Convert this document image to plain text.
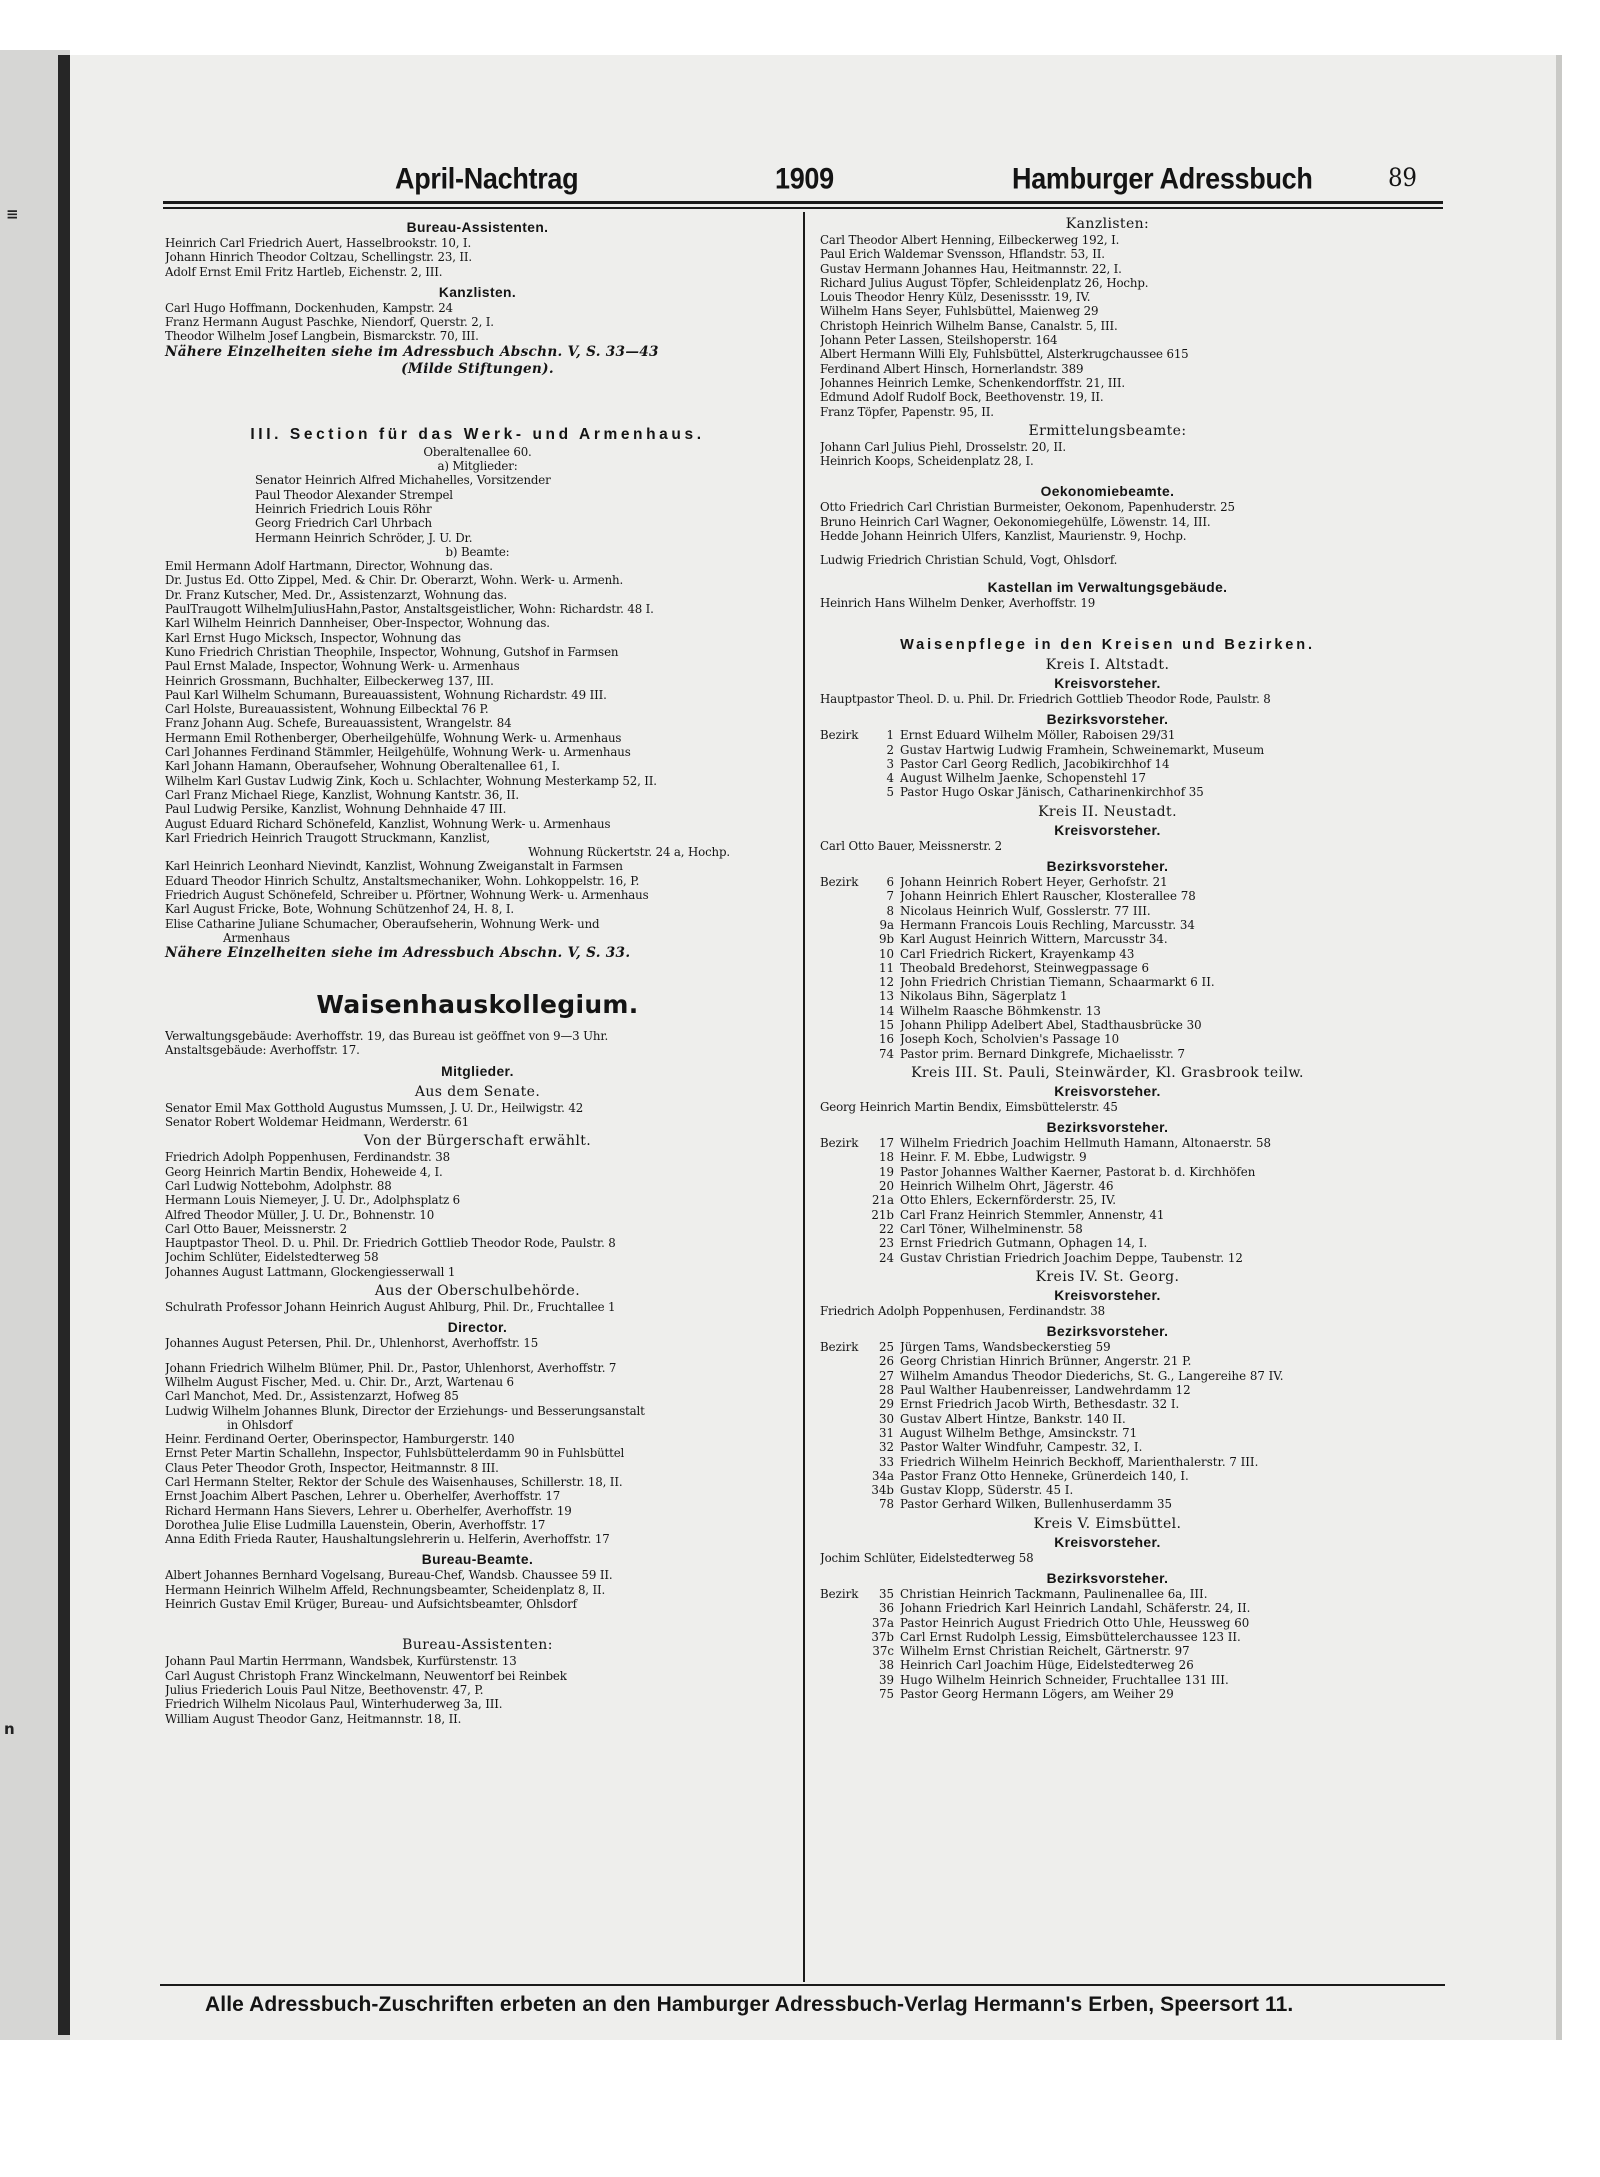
≡
n
April-Nachtrag	1909	Hamburger Adressbuch	89
Bureau-Assistenten.
Heinrich Carl Friedrich Auert, Hasselbrookstr. 10, I.
Johann Hinrich Theodor Coltzau, Schellingstr. 23, II.
Adolf Ernst Emil Fritz Hartleb, Eichenstr. 2, III.
Kanzlisten.
Carl Hugo Hoffmann, Dockenhuden, Kampstr. 24
Franz Hermann August Paschke, Niendorf, Querstr. 2, I.
Theodor Wilhelm Josef Langbein, Bismarckstr. 70, III.
Nähere Einzelheiten siehe im Adressbuch Abschn. V, S. 33—43
(Milde Stiftungen).
III. Section für das Werk- und Armenhaus.
Oberaltenallee 60.
a) Mitglieder:
Senator Heinrich Alfred Michahelles, Vorsitzender
Paul Theodor Alexander Strempel
Heinrich Friedrich Louis Röhr
Georg Friedrich Carl Uhrbach
Hermann Heinrich Schröder, J. U. Dr.
b) Beamte:
Emil Hermann Adolf Hartmann, Director, Wohnung das.
Dr. Justus Ed. Otto Zippel, Med. & Chir. Dr. Oberarzt, Wohn. Werk- u. Armenh.
Dr. Franz Kutscher, Med. Dr., Assistenzarzt, Wohnung das.
PaulTraugott WilhelmJuliusHahn,Pastor, Anstaltsgeistlicher, Wohn: Richardstr. 48 I.
Karl Wilhelm Heinrich Dannheiser, Ober-Inspector, Wohnung das.
Karl Ernst Hugo Micksch, Inspector, Wohnung das
Kuno Friedrich Christian Theophile, Inspector, Wohnung, Gutshof in Farmsen
Paul Ernst Malade, Inspector, Wohnung Werk- u. Armenhaus
Heinrich Grossmann, Buchhalter, Eilbeckerweg 137, III.
Paul Karl Wilhelm Schumann, Bureauassistent, Wohnung Richardstr. 49 III.
Carl Holste, Bureauassistent, Wohnung Eilbecktal 76 P.
Franz Johann Aug. Schefe, Bureauassistent, Wrangelstr. 84
Hermann Emil Rothenberger, Oberheilgehülfe, Wohnung Werk- u. Armenhaus
Carl Johannes Ferdinand Stämmler, Heilgehülfe, Wohnung Werk- u. Armenhaus
Karl Johann Hamann, Oberaufseher, Wohnung Oberaltenallee 61, I.
Wilhelm Karl Gustav Ludwig Zink, Koch u. Schlachter, Wohnung Mesterkamp 52, II.
Carl Franz Michael Riege, Kanzlist, Wohnung Kantstr. 36, II.
Paul Ludwig Persike, Kanzlist, Wohnung Dehnhaide 47 III.
August Eduard Richard Schönefeld, Kanzlist, Wohnung Werk- u. Armenhaus
Karl Friedrich Heinrich Traugott Struckmann, Kanzlist,
Wohnung Rückertstr. 24 a, Hochp.
Karl Heinrich Leonhard Nievindt, Kanzlist, Wohnung Zweiganstalt in Farmsen
Eduard Theodor Hinrich Schultz, Anstaltsmechaniker, Wohn. Lohkoppelstr. 16, P.
Friedrich August Schönefeld, Schreiber u. Pförtner, Wohnung Werk- u. Armenhaus
Karl August Fricke, Bote, Wohnung Schützenhof 24, H. 8, I.
Elise Catharine Juliane Schumacher, Oberaufseherin, Wohnung Werk- und
Armenhaus
Nähere Einzelheiten siehe im Adressbuch Abschn. V, S. 33.
Waisenhauskollegium.
Verwaltungsgebäude: Averhoffstr. 19, das Bureau ist geöffnet von 9—3 Uhr.
Anstaltsgebäude: Averhoffstr. 17.
Mitglieder.
Aus dem Senate.
Senator Emil Max Gotthold Augustus Mumssen, J. U. Dr., Heilwigstr. 42
Senator Robert Woldemar Heidmann, Werderstr. 61
Von der Bürgerschaft erwählt.
Friedrich Adolph Poppenhusen, Ferdinandstr. 38
Georg Heinrich Martin Bendix, Hoheweide 4, I.
Carl Ludwig Nottebohm, Adolphstr. 88
Hermann Louis Niemeyer, J. U. Dr., Adolphsplatz 6
Alfred Theodor Müller, J. U. Dr., Bohnenstr. 10
Carl Otto Bauer, Meissnerstr. 2
Hauptpastor Theol. D. u. Phil. Dr. Friedrich Gottlieb Theodor Rode, Paulstr. 8
Jochim Schlüter, Eidelstedterweg 58
Johannes August Lattmann, Glockengiesserwall 1
Aus der Oberschulbehörde.
Schulrath Professor Johann Heinrich August Ahlburg, Phil. Dr., Fruchtallee 1
Director.
Johannes August Petersen, Phil. Dr., Uhlenhorst, Averhoffstr. 15
Johann Friedrich Wilhelm Blümer, Phil. Dr., Pastor, Uhlenhorst, Averhoffstr. 7
Wilhelm August Fischer, Med. u. Chir. Dr., Arzt, Wartenau 6
Carl Manchot, Med. Dr., Assistenzarzt, Hofweg 85
Ludwig Wilhelm Johannes Blunk, Director der Erziehungs- und Besserungsanstalt
in Ohlsdorf
Heinr. Ferdinand Oerter, Oberinspector, Hamburgerstr. 140
Ernst Peter Martin Schallehn, Inspector, Fuhlsbüttelerdamm 90 in Fuhlsbüttel
Claus Peter Theodor Groth, Inspector, Heitmannstr. 8 III.
Carl Hermann Stelter, Rektor der Schule des Waisenhauses, Schillerstr. 18, II.
Ernst Joachim Albert Paschen, Lehrer u. Oberhelfer, Averhoffstr. 17
Richard Hermann Hans Sievers, Lehrer u. Oberhelfer, Averhoffstr. 19
Dorothea Julie Elise Ludmilla Lauenstein, Oberin, Averhoffstr. 17
Anna Edith Frieda Rauter, Haushaltungslehrerin u. Helferin, Averhoffstr. 17
Bureau-Beamte.
Albert Johannes Bernhard Vogelsang, Bureau-Chef, Wandsb. Chaussee 59 II.
Hermann Heinrich Wilhelm Affeld, Rechnungsbeamter, Scheidenplatz 8, II.
Heinrich Gustav Emil Krüger, Bureau- und Aufsichtsbeamter, Ohlsdorf
Bureau-Assistenten:
Johann Paul Martin Herrmann, Wandsbek, Kurfürstenstr. 13
Carl August Christoph Franz Winckelmann, Neuwentorf bei Reinbek
Julius Friederich Louis Paul Nitze, Beethovenstr. 47, P.
Friedrich Wilhelm Nicolaus Paul, Winterhuderweg 3a, III.
William August Theodor Ganz, Heitmannstr. 18, II.
Kanzlisten:
Carl Theodor Albert Henning, Eilbeckerweg 192, I.
Paul Erich Waldemar Svensson, Hflandstr. 53, II.
Gustav Hermann Johannes Hau, Heitmannstr. 22, I.
Richard Julius August Töpfer, Schleidenplatz 26, Hochp.
Louis Theodor Henry Külz, Desenissstr. 19, IV.
Wilhelm Hans Seyer, Fuhlsbüttel, Maienweg 29
Christoph Heinrich Wilhelm Banse, Canalstr. 5, III.
Johann Peter Lassen, Steilshoperstr. 164
Albert Hermann Willi Ely, Fuhlsbüttel, Alsterkrugchaussee 615
Ferdinand Albert Hinsch, Hornerlandstr. 389
Johannes Heinrich Lemke, Schenkendorffstr. 21, III.
Edmund Adolf Rudolf Bock, Beethovenstr. 19, II.
Franz Töpfer, Papenstr. 95, II.
Ermittelungsbeamte:
Johann Carl Julius Piehl, Drosselstr. 20, II.
Heinrich Koops, Scheidenplatz 28, I.
Oekonomiebeamte.
Otto Friedrich Carl Christian Burmeister, Oekonom, Papenhuderstr. 25
Bruno Heinrich Carl Wagner, Oekonomiegehülfe, Löwenstr. 14, III.
Hedde Johann Heinrich Ulfers, Kanzlist, Maurienstr. 9, Hochp.
Ludwig Friedrich Christian Schuld, Vogt, Ohlsdorf.
Kastellan im Verwaltungsgebäude.
Heinrich Hans Wilhelm Denker, Averhoffstr. 19
Waisenpflege in den Kreisen und Bezirken.
Kreis I. Altstadt.
Kreisvorsteher.
Hauptpastor Theol. D. u. Phil. Dr. Friedrich Gottlieb Theodor Rode, Paulstr. 8
Bezirksvorsteher.
Bezirk	1 Ernst Eduard Wilhelm Möller, Raboisen 29/31
2 Gustav Hartwig Ludwig Framhein, Schweinemarkt, Museum
3 Pastor Carl Georg Redlich, Jacobikirchhof 14
4 August Wilhelm Jaenke, Schopenstehl 17
5 Pastor Hugo Oskar Jänisch, Catharinenkirchhof 35
Kreis II. Neustadt.
Kreisvorsteher.
Carl Otto Bauer, Meissnerstr. 2
Bezirksvorsteher.
Bezirk	6 Johann Heinrich Robert Heyer, Gerhofstr. 21
7 Johann Heinrich Ehlert Rauscher, Klosterallee 78
8 Nicolaus Heinrich Wulf, Gosslerstr. 77 III.
9a Hermann Francois Louis Rechling, Marcusstr. 34
9b Karl August Heinrich Wittern, Marcusstr 34.
10 Carl Friedrich Rickert, Krayenkamp 43
11 Theobald Bredehorst, Steinwegpassage 6
12 John Friedrich Christian Tiemann, Schaarmarkt 6 II.
13 Nikolaus Bihn, Sägerplatz 1
14 Wilhelm Raasche Böhmkenstr. 13
15 Johann Philipp Adelbert Abel, Stadthausbrücke 30
16 Joseph Koch, Scholvien's Passage 10
74 Pastor prim. Bernard Dinkgrefe, Michaelisstr. 7
Kreis III. St. Pauli, Steinwärder, Kl. Grasbrook teilw.
Kreisvorsteher.
Georg Heinrich Martin Bendix, Eimsbüttelerstr. 45
Bezirksvorsteher.
Bezirk	17 Wilhelm Friedrich Joachim Hellmuth Hamann, Altonaerstr. 58
18 Heinr. F. M. Ebbe, Ludwigstr. 9
19 Pastor Johannes Walther Kaerner, Pastorat b. d. Kirchhöfen
20 Heinrich Wilhelm Ohrt, Jägerstr. 46
21a Otto Ehlers, Eckernförderstr. 25, IV.
21b Carl Franz Heinrich Stemmler, Annenstr, 41
22 Carl Töner, Wilhelminenstr. 58
23 Ernst Friedrich Gutmann, Ophagen 14, I.
24 Gustav Christian Friedrich Joachim Deppe, Taubenstr. 12
Kreis IV. St. Georg.
Kreisvorsteher.
Friedrich Adolph Poppenhusen, Ferdinandstr. 38
Bezirksvorsteher.
Bezirk	25 Jürgen Tams, Wandsbeckerstieg 59
26 Georg Christian Hinrich Brünner, Angerstr. 21 P.
27 Wilhelm Amandus Theodor Diederichs, St. G., Langereihe 87 IV.
28 Paul Walther Haubenreisser, Landwehrdamm 12
29 Ernst Friedrich Jacob Wirth, Bethesdastr. 32 I.
30 Gustav Albert Hintze, Bankstr. 140 II.
31 August Wilhelm Bethge, Amsinckstr. 71
32 Pastor Walter Windfuhr, Campestr. 32, I.
33 Friedrich Wilhelm Heinrich Beckhoff, Marienthalerstr. 7 III.
34a Pastor Franz Otto Henneke, Grünerdeich 140, I.
34b Gustav Klopp, Süderstr. 45 I.
78 Pastor Gerhard Wilken, Bullenhuserdamm 35
Kreis V. Eimsbüttel.
Kreisvorsteher.
Jochim Schlüter, Eidelstedterweg 58
Bezirksvorsteher.
Bezirk	35 Christian Heinrich Tackmann, Paulinenallee 6a, III.
36 Johann Friedrich Karl Heinrich Landahl, Schäferstr. 24, II.
37a Pastor Heinrich August Friedrich Otto Uhle, Heussweg 60
37b Carl Ernst Rudolph Lessig, Eimsbüttelerchaussee 123 II.
37c Wilhelm Ernst Christian Reichelt, Gärtnerstr. 97
38 Heinrich Carl Joachim Hüge, Eidelstedterweg 26
39 Hugo Wilhelm Heinrich Schneider, Fruchtallee 131 III.
75 Pastor Georg Hermann Lögers, am Weiher 29
Alle Adressbuch-Zuschriften erbeten an den Hamburger Adressbuch-Verlag Hermann's Erben, Speersort 11.
